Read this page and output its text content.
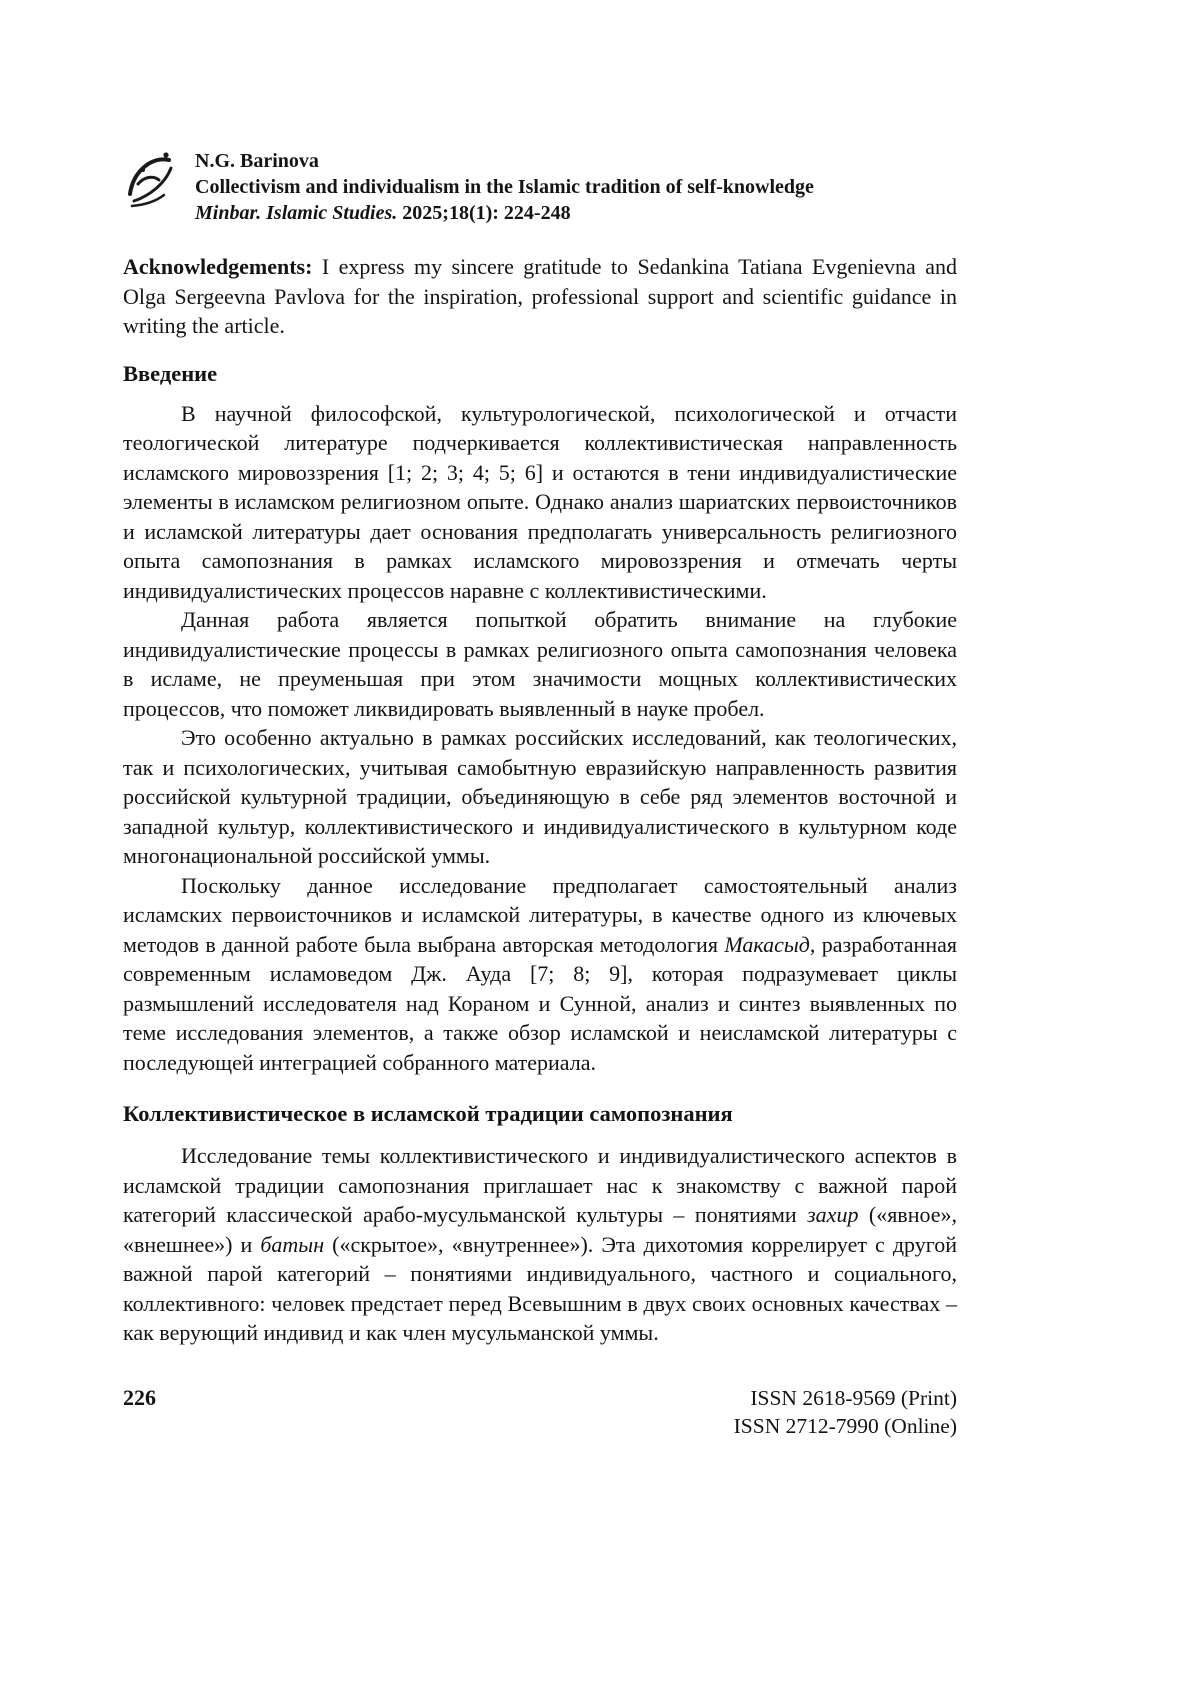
N.G. Barinova
Collectivism and individualism in the Islamic tradition of self-knowledge
Minbar. Islamic Studies. 2025;18(1): 224-248

Acknowledgements: I express my sincere gratitude to Sedankina Tatiana Evgenievna and Olga Sergeevna Pavlova for the inspiration, professional support and scientific guidance in writing the article.

Введение

В научной философской, культурологической, психологической и отчасти теологической литературе подчеркивается коллективистическая направленность исламского мировоззрения [1; 2; 3; 4; 5; 6] и остаются в тени индивидуалистические элементы в исламском религиозном опыте. Однако анализ шариатских первоисточников и исламской литературы дает основания предполагать универсальность религиозного опыта самопознания в рамках исламского мировоззрения и отмечать черты индивидуалистических процессов наравне с коллективистическими.

Данная работа является попыткой обратить внимание на глубокие индивидуалистические процессы в рамках религиозного опыта самопознания человека в исламе, не преуменьшая при этом значимости мощных коллективистических процессов, что поможет ликвидировать выявленный в науке пробел.

Это особенно актуально в рамках российских исследований, как теологических, так и психологических, учитывая самобытную евразийскую направленность развития российской культурной традиции, объединяющую в себе ряд элементов восточной и западной культур, коллективистического и индивидуалистического в культурном коде многонациональной российской уммы.

Поскольку данное исследование предполагает самостоятельный анализ исламских первоисточников и исламской литературы, в качестве одного из ключевых методов в данной работе была выбрана авторская методология Макасыд, разработанная современным исламоведом Дж. Ауда [7; 8; 9], которая подразумевает циклы размышлений исследователя над Кораном и Сунной, анализ и синтез выявленных по теме исследования элементов, а также обзор исламской и неисламской литературы с последующей интеграцией собранного материала.

Коллективистическое в исламской традиции самопознания

Исследование темы коллективистического и индивидуалистического аспектов в исламской традиции самопознания приглашает нас к знакомству с важной парой категорий классической арабо-мусульманской культуры – понятиями захир («явное», «внешнее») и батын («скрытое», «внутреннее»). Эта дихотомия коррелирует с другой важной парой категорий – понятиями индивидуального, частного и социального, коллективного: человек предстает перед Всевышним в двух своих основных качествах – как верующий индивид и как член мусульманской уммы.

226	ISSN 2618-9569 (Print)
ISSN 2712-7990 (Online)
